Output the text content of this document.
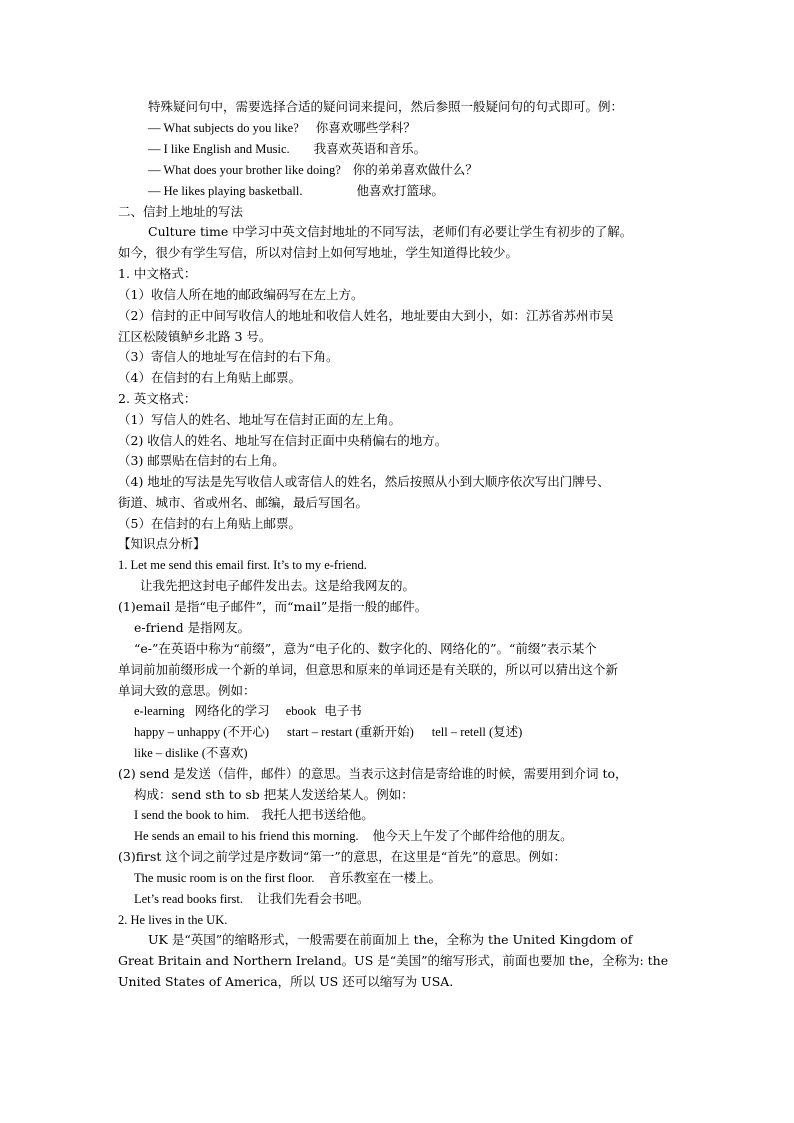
特殊疑问句中，需要选择合适的疑问词来提问，然后参照一般疑问句的句式即可。例：
— What subjects do you like? 你喜欢哪些学科？
— I like English and Music. 我喜欢英语和音乐。
— What does your brother like doing? 你的弟弟喜欢做什么？
— He likes playing basketball.	他喜欢打篮球。
二、信封上地址的写法
Culture time 中学习中英文信封地址的不同写法，老师们有必要让学生有初步的了解。
如今，很少有学生写信，所以对信封上如何写地址，学生知道得比较少。
1. 中文格式：
（1）收信人所在地的邮政编码写在左上方。
（2）信封的正中间写收信人的地址和收信人姓名，地址要由大到小，如：江苏省苏州市吴
江区松陵镇鲈乡北路 3 号。
（3）寄信人的地址写在信封的右下角。
（4）在信封的右上角贴上邮票。
2. 英文格式：
（1）写信人的姓名、地址写在信封正面的左上角。
（2) 收信人的姓名、地址写在信封正面中央稍偏右的地方。
（3) 邮票贴在信封的右上角。
（4) 地址的写法是先写收信人或寄信人的姓名，然后按照从小到大顺序依次写出门牌号、
街道、城市、省或州名、邮编，最后写国名。
（5）在信封的右上角贴上邮票。
【知识点分析】
1. Let me send this email first. It’s to my e-friend.
让我先把这封电子邮件发出去。这是给我网友的。
(1)email 是指“电子邮件”，而“mail”是指一般的邮件。
e-friend 是指网友。
“e-”在英语中称为“前缀”，意为“电子化的、数字化的、网络化的”。“前缀”表示某个
单词前加前缀形成一个新的单词，但意思和原来的单词还是有关联的，所以可以猜出这个新
单词大致的意思。例如：
e-learning 网络化的学习 ebook 电子书
happy – unhappy (不开心) start – restart (重新开始) tell – retell (复述)
like – dislike (不喜欢)
(2) send 是发送（信件，邮件）的意思。当表示这封信是寄给谁的时候，需要用到介词 to，
构成：send sth to sb 把某人发送给某人。例如：
I send the book to him. 我托人把书送给他。
He sends an email to his friend this morning. 他今天上午发了个邮件给他的朋友。
(3)first 这个词之前学过是序数词“第一”的意思，在这里是“首先”的意思。例如：
The music room is on the first floor. 音乐教室在一楼上。
Let’s read books first. 让我们先看会书吧。
2. He lives in the UK.
UK 是“英国”的缩略形式，一般需要在前面加上 the，全称为 the United Kingdom of
Great Britain and Northern Ireland。US 是“美国”的缩写形式，前面也要加 the，全称为: the
United States of America，所以 US 还可以缩写为 USA.
